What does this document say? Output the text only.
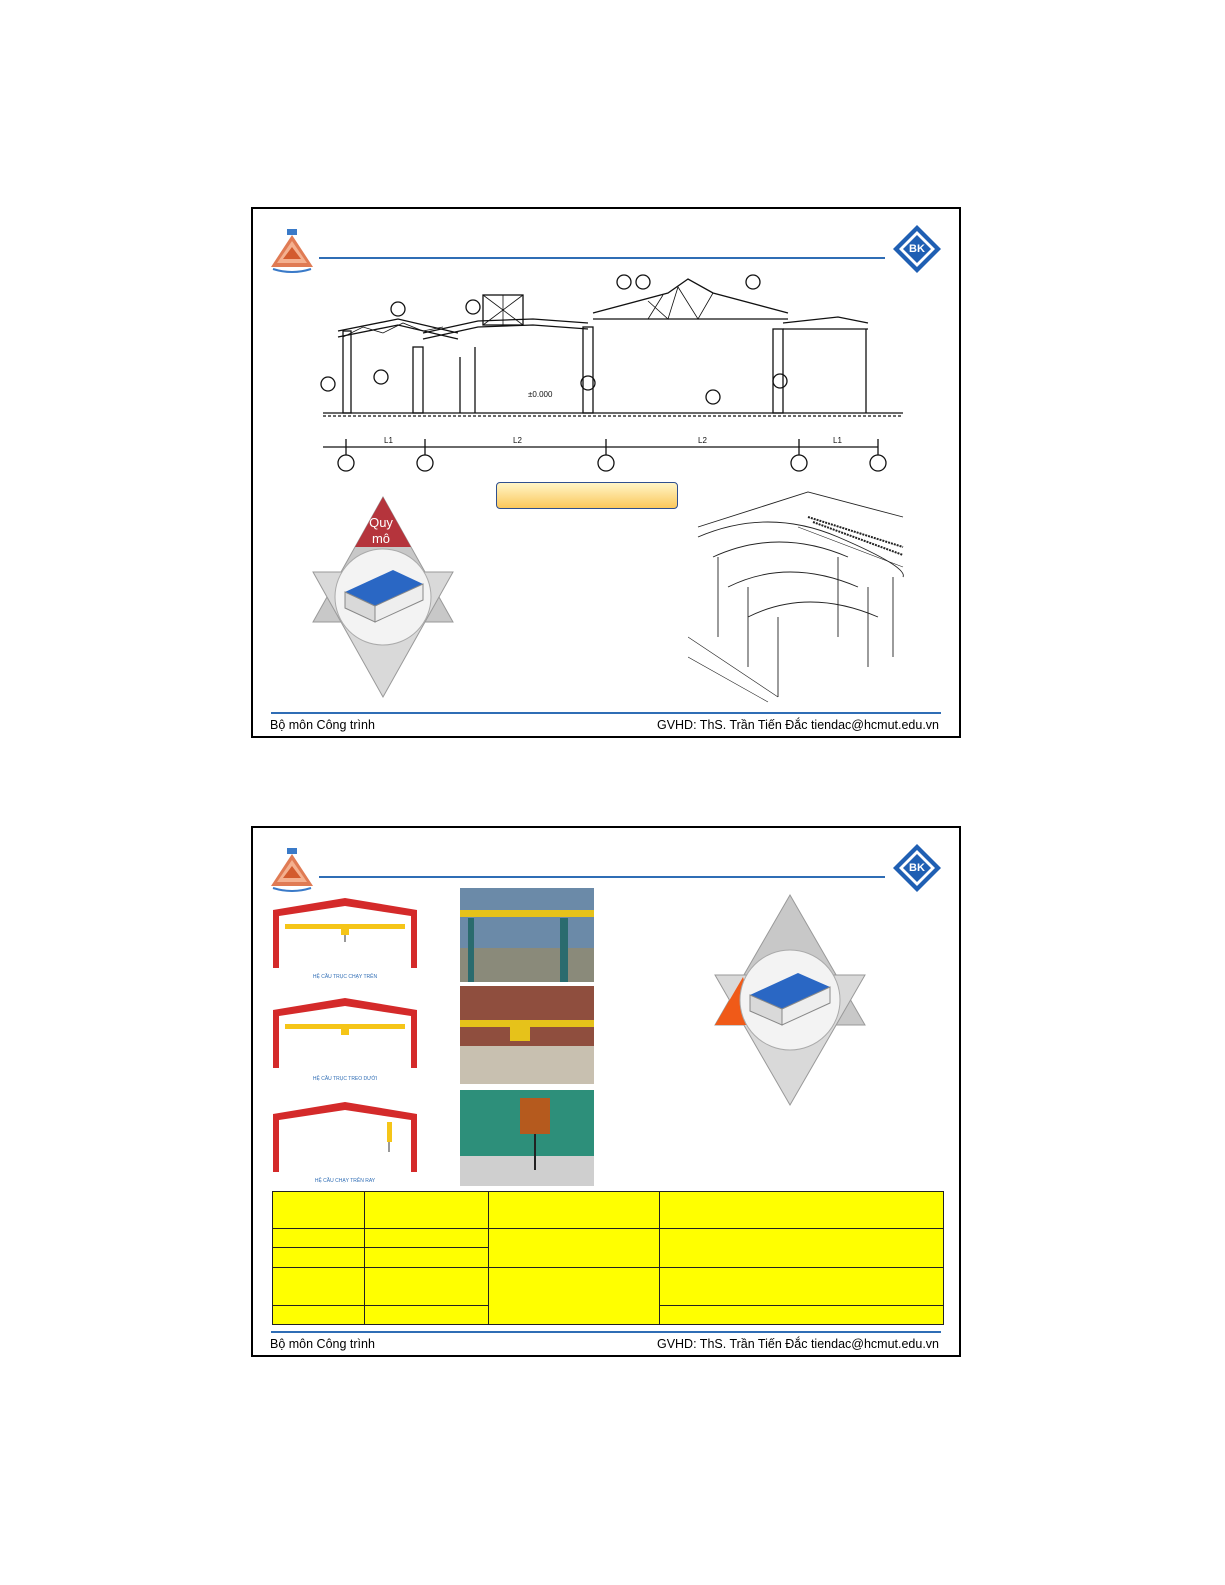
BK
L1	L2	L2	L1
±0.000
Quy mô
Bộ môn Công trình	GVHD: ThS. Trần Tiến Đắc tiendac@hcmut.edu.vn
BK
HỆ CẦU TRỤC CHẠY TRÊN
HỆ CẦU TRỤC TREO DƯỚI
HỆ CẦU CHẠY TRÊN RAY
Bộ môn Công trình	GVHD: ThS. Trần Tiến Đắc tiendac@hcmut.edu.vn
